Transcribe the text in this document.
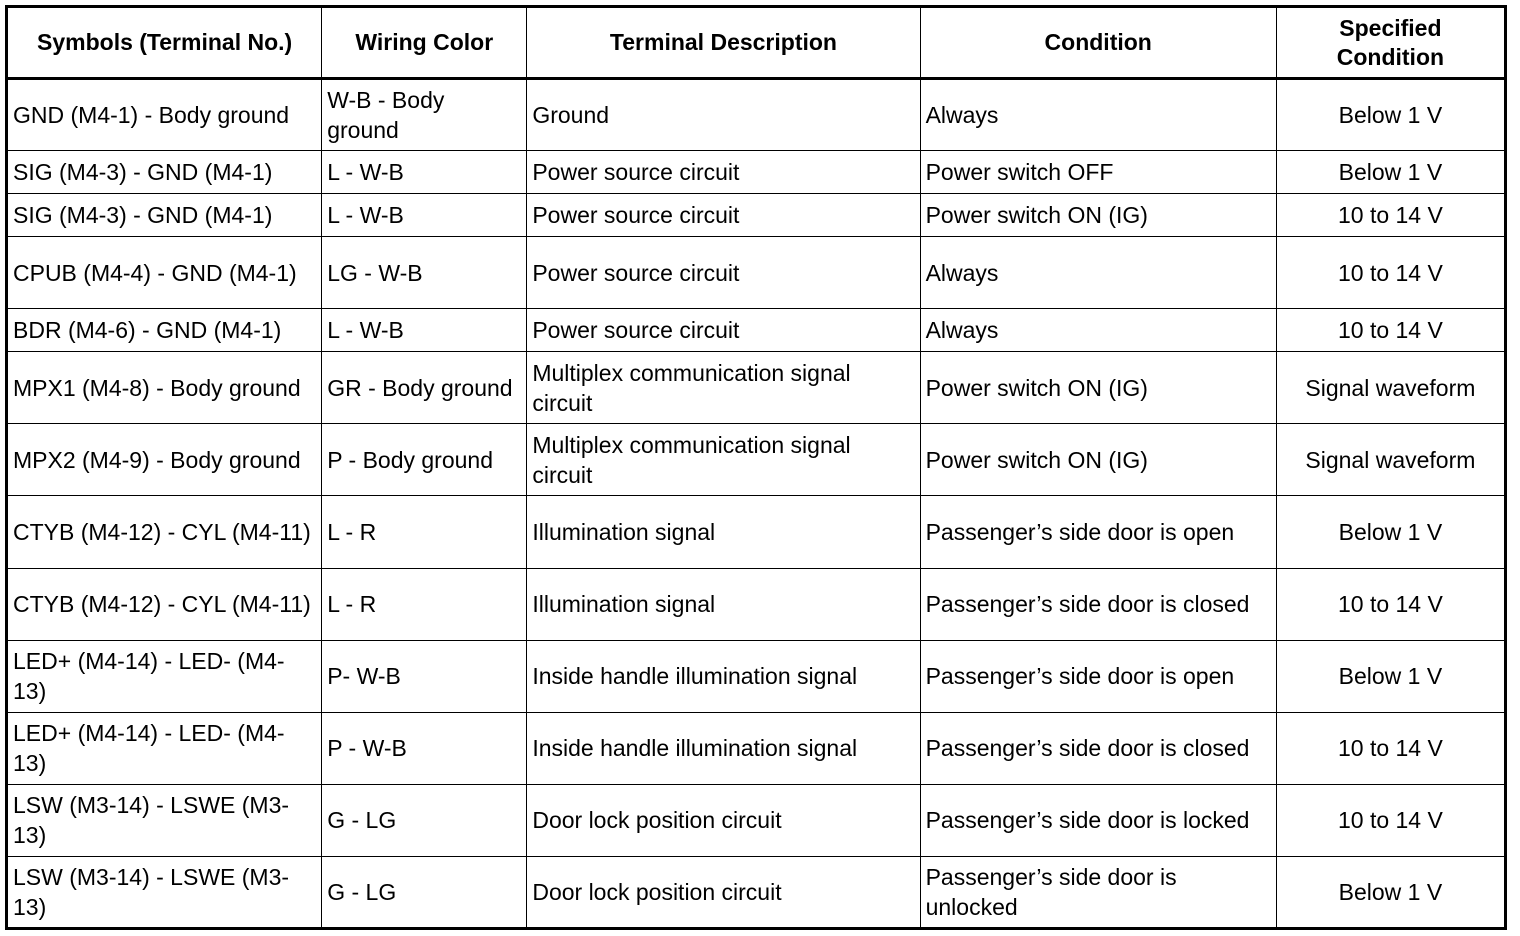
Symbols (Terminal No.)	Wiring Color	Terminal Description	Condition	Specified Condition
GND (M4-1) - Body ground	W-B - Body ground	Ground	Always	Below 1 V
SIG (M4-3) - GND (M4-1)	L - W-B	Power source circuit	Power switch OFF	Below 1 V
SIG (M4-3) - GND (M4-1)	L - W-B	Power source circuit	Power switch ON (IG)	10 to 14 V
CPUB (M4-4) - GND (M4-1)	LG - W-B	Power source circuit	Always	10 to 14 V
BDR (M4-6) - GND (M4-1)	L - W-B	Power source circuit	Always	10 to 14 V
MPX1 (M4-8) - Body ground	GR - Body ground	Multiplex communication signal circuit	Power switch ON (IG)	Signal waveform
MPX2 (M4-9) - Body ground	P - Body ground	Multiplex communication signal circuit	Power switch ON (IG)	Signal waveform
CTYB (M4-12) - CYL (M4-11)	L - R	Illumination signal	Passenger’s side door is open	Below 1 V
CTYB (M4-12) - CYL (M4-11)	L - R	Illumination signal	Passenger’s side door is closed	10 to 14 V
LED+ (M4-14) - LED- (M4-13)	P- W-B	Inside handle illumination signal	Passenger’s side door is open	Below 1 V
LED+ (M4-14) - LED- (M4-13)	P - W-B	Inside handle illumination signal	Passenger’s side door is closed	10 to 14 V
LSW (M3-14) - LSWE (M3-13)	G - LG	Door lock position circuit	Passenger’s side door is locked	10 to 14 V
LSW (M3-14) - LSWE (M3-13)	G - LG	Door lock position circuit	Passenger’s side door is unlocked	Below 1 V
